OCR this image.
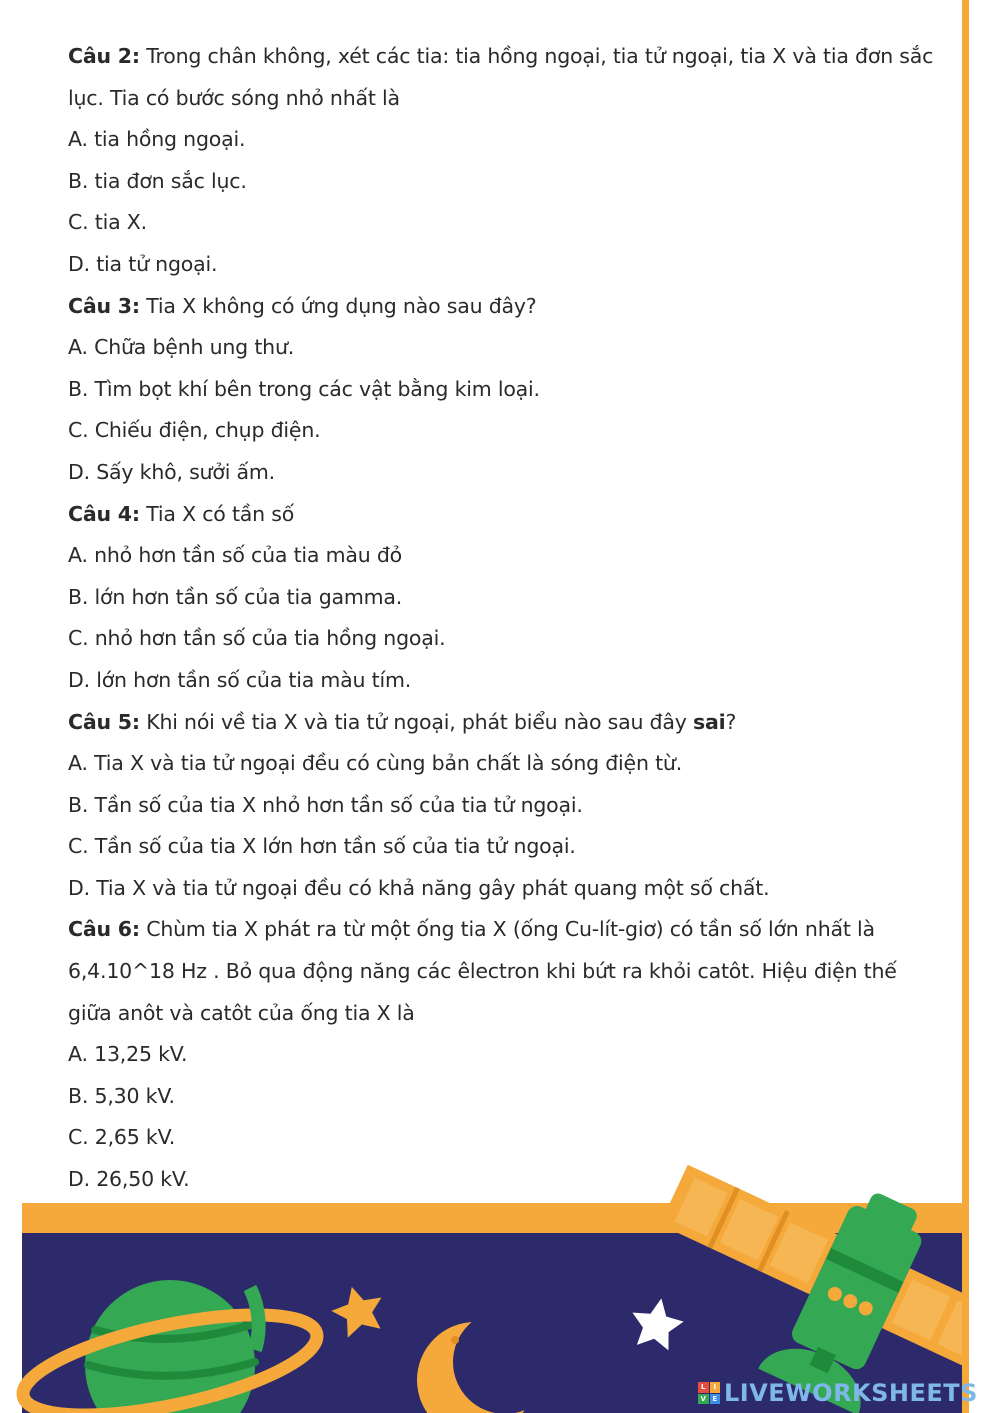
Câu 2: Trong chân không, xét các tia: tia hồng ngoại, tia tử ngoại, tia X và tia đơn sắc
lục. Tia có bước sóng nhỏ nhất là
A. tia hồng ngoại.
B. tia đơn sắc lục.
C. tia X.
D. tia tử ngoại.
Câu 3: Tia X không có ứng dụng nào sau đây?
A. Chữa bệnh ung thư.
B. Tìm bọt khí bên trong các vật bằng kim loại.
C. Chiếu điện, chụp điện.
D. Sấy khô, sưởi ấm.
Câu 4: Tia X có tần số
A. nhỏ hơn tần số của tia màu đỏ
B. lớn hơn tần số của tia gamma.
C. nhỏ hơn tần số của tia hồng ngoại.
D. lớn hơn tần số của tia màu tím.
Câu 5: Khi nói về tia X và tia tử ngoại, phát biểu nào sau đây sai?
A. Tia X và tia tử ngoại đều có cùng bản chất là sóng điện từ.
B. Tần số của tia X nhỏ hơn tần số của tia tử ngoại.
C. Tần số của tia X lớn hơn tần số của tia tử ngoại.
D. Tia X và tia tử ngoại đều có khả năng gây phát quang một số chất.
Câu 6: Chùm tia X phát ra từ một ống tia X (ống Cu-lít-giơ) có tần số lớn nhất là
6,4.10^18 Hz . Bỏ qua động năng các êlectron khi bứt ra khỏi catôt. Hiệu điện thế
giữa anôt và catôt của ống tia X là
A. 13,25 kV.
B. 5,30 kV.
C. 2,65 kV.
D. 26,50 kV.
L	I
V E LIVEWORKSHEETS
